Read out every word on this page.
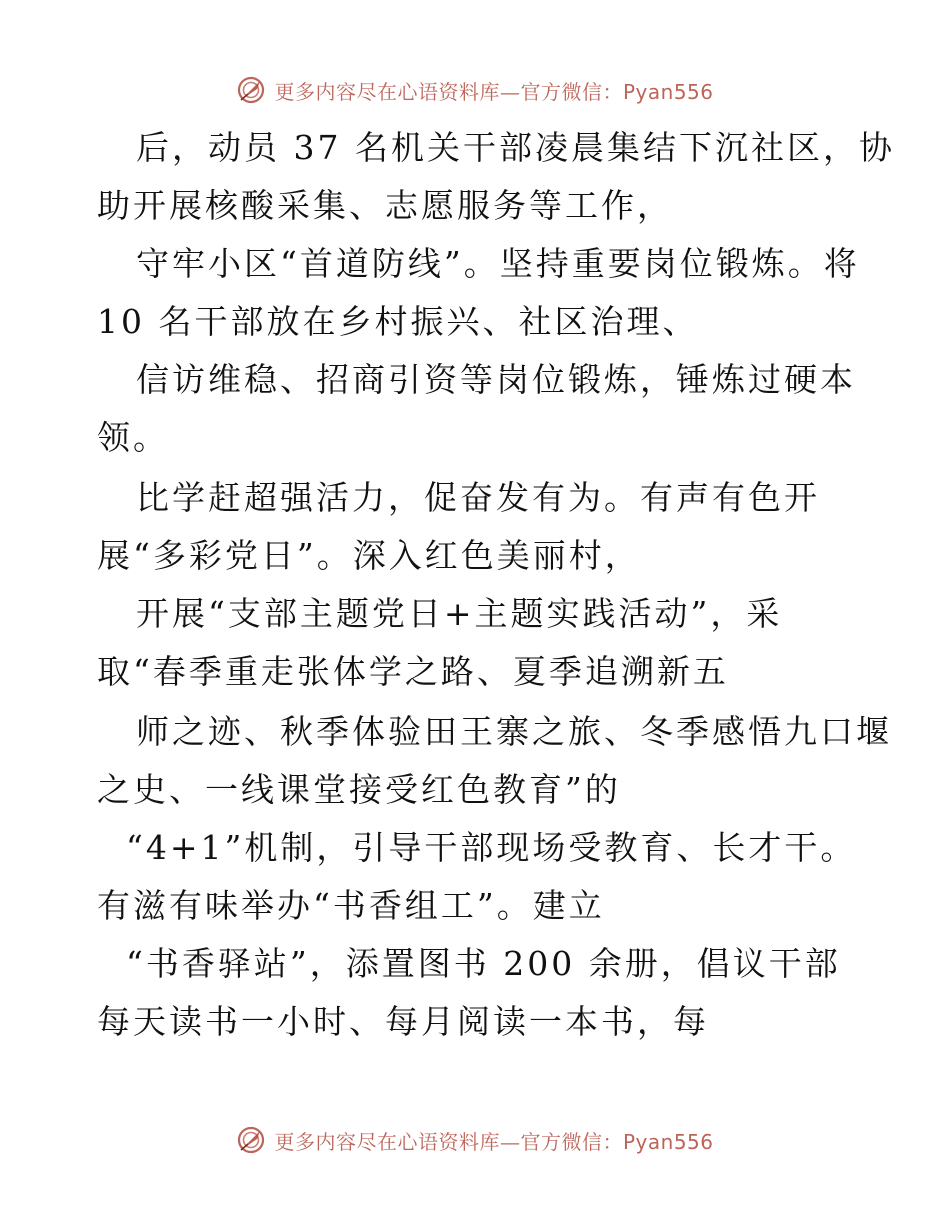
更多内容尽在心语资料库—官方微信：Pyan556
后，动员 37 名机关干部凌晨集结下沉社区，协
助开展核酸采集、志愿服务等工作，
守牢小区“首道防线”。坚持重要岗位锻炼。将
10 名干部放在乡村振兴、社区治理、
信访维稳、招商引资等岗位锻炼，锤炼过硬本
领。
比学赶超强活力，促奋发有为。有声有色开
展“多彩党日”。深入红色美丽村，
开展“支部主题党日+主题实践活动”，采
取“春季重走张体学之路、夏季追溯新五
师之迹、秋季体验田王寨之旅、冬季感悟九口堰
之史、一线课堂接受红色教育”的
“4+1”机制，引导干部现场受教育、长才干。
有滋有味举办“书香组工”。建立
“书香驿站”，添置图书 200 余册，倡议干部
每天读书一小时、每月阅读一本书，每
更多内容尽在心语资料库—官方微信：Pyan556
